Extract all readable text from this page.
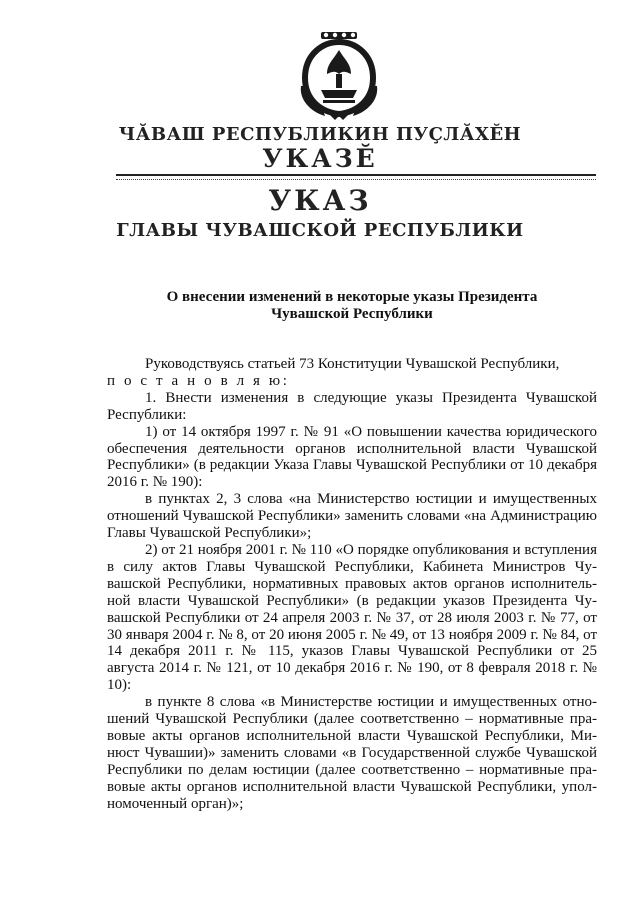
ЧӐВАШ РЕСПУБЛИКИН ПУҪЛӐХӖН
УКАЗӖ
УКАЗ
ГЛАВЫ ЧУВАШСКОЙ РЕСПУБЛИКИ
О внесении изменений в некоторые указы Президента
Чувашской Республики

Руководствуясь статьей 73 Конституции Чувашской Республики,

п о с т а н о в л я ю:

1. Внести изменения в следующие указы Президента Чувашской Республики:

1) от 14 октября 1997 г. № 91 «О повышении качества юридического обеспечения деятельности органов исполнительной власти Чувашской Республики» (в редакции Указа Главы Чувашской Республики от 10 декабря 2016 г. № 190):

в пунктах 2, 3 слова «на Министерство юстиции и имущественных отношений Чувашской Республики» заменить словами «на Администрацию Главы Чувашской Республики»;

2) от 21 ноября 2001 г. № 110 «О порядке опубликования и вступления в силу актов Главы Чувашской Республики, Кабинета Министров Чувашской Республики, нормативных правовых актов органов исполнительной власти Чувашской Республики» (в редакции указов Президента Чувашской Республики от 24 апреля 2003 г. № 37, от 28 июля 2003 г. № 77, от 30 января 2004 г. № 8, от 20 июня 2005 г. № 49, от 13 ноября 2009 г. № 84, от 14 декабря 2011 г. № 115, указов Главы Чувашской Республики от 25 августа 2014 г. № 121, от 10 декабря 2016 г. № 190, от 8 февраля 2018 г. № 10):

в пункте 8 слова «в Министерстве юстиции и имущественных отношений Чувашской Республики (далее соответственно – нормативные правовые акты органов исполнительной власти Чувашской Республики, Минюст Чувашии)» заменить словами «в Государственной службе Чувашской Республики по делам юстиции (далее соответственно – нормативные правовые акты органов исполнительной власти Чувашской Республики, уполномоченный орган)»;
